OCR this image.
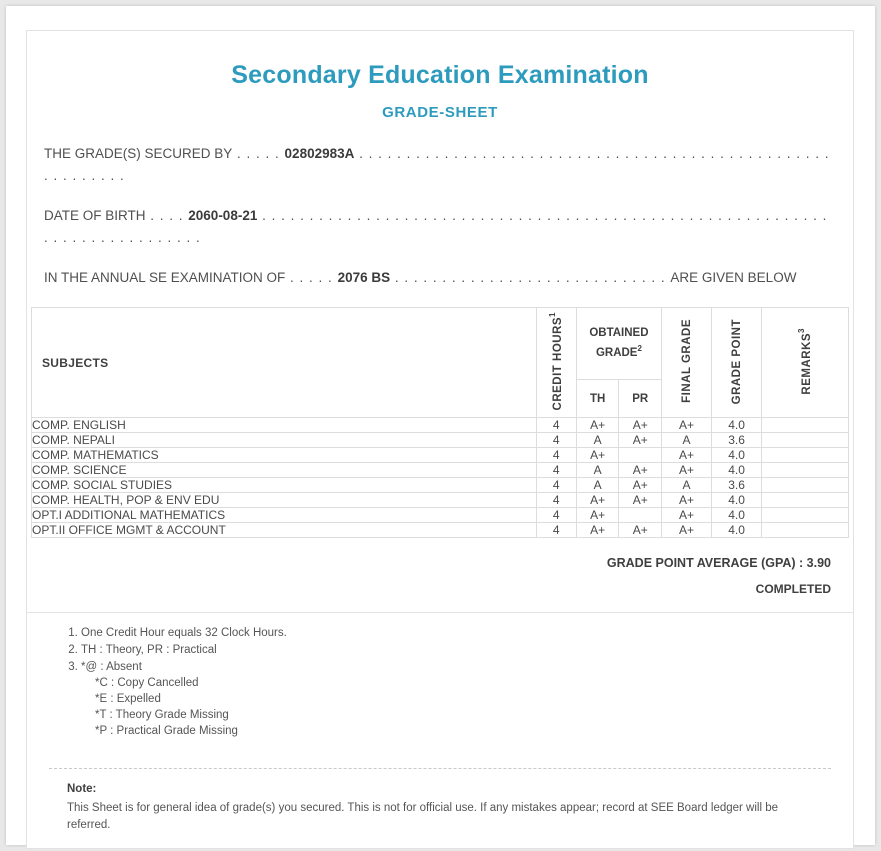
Secondary Education Examination
GRADE-SHEET
THE GRADE(S) SECURED BY . . . . . 02802983A . . . . . . . . . . . . . . . . . . . . . . . . . . . . . . . . . . . . . . . . . . . . . . . . . . . . . . . . . . .
DATE OF BIRTH . . . . 2060-08-21 . . . . . . . . . . . . . . . . . . . . . . . . . . . . . . . . . . . . . . . . . . . . . . . . . . . . . . . . . . . . . . . . . . . . . . . . . . . . .
IN THE ANNUAL SE EXAMINATION OF . . . . . 2076 BS . . . . . . . . . . . . . . . . . . . . . . . . . . . . . ARE GIVEN BELOW
SUBJECTS	CREDIT HOURS$^1$	OBTAINED GRADE$^2$		FINAL GRADE	GRADE POINT	REMARKS$^3$
		TH	PR			
COMP. ENGLISH	4	A+	A+	A+	4.0	
COMP. NEPALI	4	A	A+	A	3.6	
COMP. MATHEMATICS	4	A+		A+	4.0	
COMP. SCIENCE	4	A	A+	A+	4.0	
COMP. SOCIAL STUDIES	4	A	A+	A	3.6	
COMP. HEALTH, POP & ENV EDU	4	A+	A+	A+	4.0	
OPT.I ADDITIONAL MATHEMATICS	4	A+		A+	4.0	
OPT.II OFFICE MGMT & ACCOUNT	4	A+	A+	A+	4.0	
GRADE POINT AVERAGE (GPA) : 3.90
COMPLETED
1. One Credit Hour equals 32 Clock Hours.
2. TH : Theory, PR : Practical
3. *@ : Absent
*C : Copy Cancelled
*E : Expelled
*T : Theory Grade Missing
*P : Practical Grade Missing
Note:
This Sheet is for general idea of grade(s) you secured. This is not for official use. If any mistakes appear; record at SEE Board ledger will be referred.
